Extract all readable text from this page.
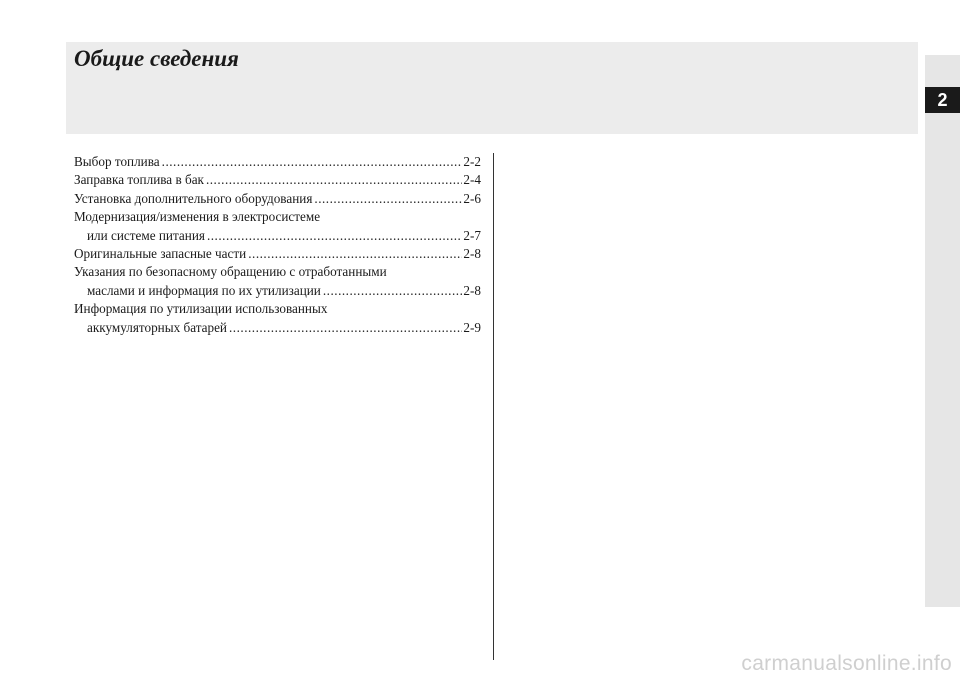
Общие сведения
2
Выбор топлива .....	2-2
Заправка топлива в бак .....	2-4
Установка дополнительного оборудования .....	2-6
Модернизация/изменения в электросистеме
или системе питания .....	2-7
Оригинальные запасные части .....	2-8
Указания по безопасному обращению с отработанными
маслами и информация по их утилизации .....	2-8
Информация по утилизации использованных
аккумуляторных батарей .....	2-9
carmanualsonline.info
